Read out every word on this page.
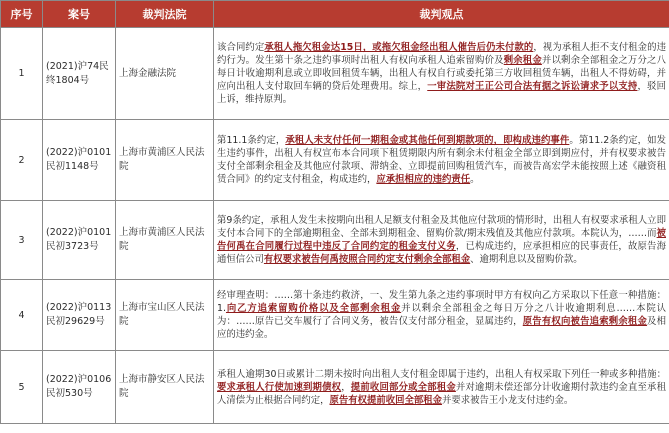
序号	案号	裁判法院	裁判观点
1	(2021)沪74民终1804号	上海金融法院	该合同约定承租人拖欠租金达15日，或拖欠租金经出租人催告后仍未付款的，视为承租人拒不支付租金的违约行为。发生第十条之违约事项时出租人有权向承租人追索留购价及剩余租金并以剩余全部租金之万分之八每日计收逾期利息或立即收回租赁车辆，出租人有权自行或委托第三方收回租赁车辆，出租人不得妨碍，并应向出租人支付取回车辆的贷后处理费用。综上，一审法院对王正公司合法有据之诉讼请求予以支持，驳回上诉，维持原判。
2	(2022)沪0101民初1148号	上海市黄浦区人民法院	第11.1条约定，承租人未支付任何一期租金或其他任何到期款项的，即构成违约事件。第11.2条约定，如发生违约事件，出租人有权宣布本合同项下租赁期限内所有剩余未付租金全部立即到期应付，并有权要求被告支付全部剩余租金及其他应付款项、滞纳金、立即提前回购租赁汽车，而被告高宏学未能按照上述《融资租赁合同》的约定支付租金，构成违约，应承担相应的违约责任。
3	(2022)沪0101民初3723号	上海市黄浦区人民法院	第9条约定，承租人发生未按期向出租人足额支付租金及其他应付款项的情形时，出租人有权要求承租人立即支付本合同下的全部逾期租金、全部未到期租金、留购价款/期末残值及其他应付款项。本院认为，……而被告何禹在合同履行过程中违反了合同约定的租金支付义务，已构成违约，应承担相应的民事责任，故原告海通恒信公司有权要求被告何禹按照合同约定支付剩余全部租金、逾期利息以及留购价款。
4	(2022)沪0113民初29629号	上海市宝山区人民法院	经审理查明：……第十条违约救济，一、发生第九条之违约事项时甲方有权向乙方采取以下任意一种措施：1.向乙方追索留购价格以及全部剩余租金并以剩余全部租金之每日万分之八计收逾期利息……本院认为：……原告已交车履行了合同义务，被告仅支付部分租金，显属违约，原告有权向被告追索剩余租金及相应的违约金。
5	(2022)沪0106民初530号	上海市静安区人民法院	承租人逾期30日或累计二期未按时向出租人支付租金即属于违约，出租人有权采取下列任一种或多种措施：要求承租人行使加速到期债权，提前收回部分或全部租金并对逾期未偿还部分计收逾期付款违约金直至承租人清偿为止根据合同约定，原告有权提前收回全部租金并要求被告王小龙支付违约金。
